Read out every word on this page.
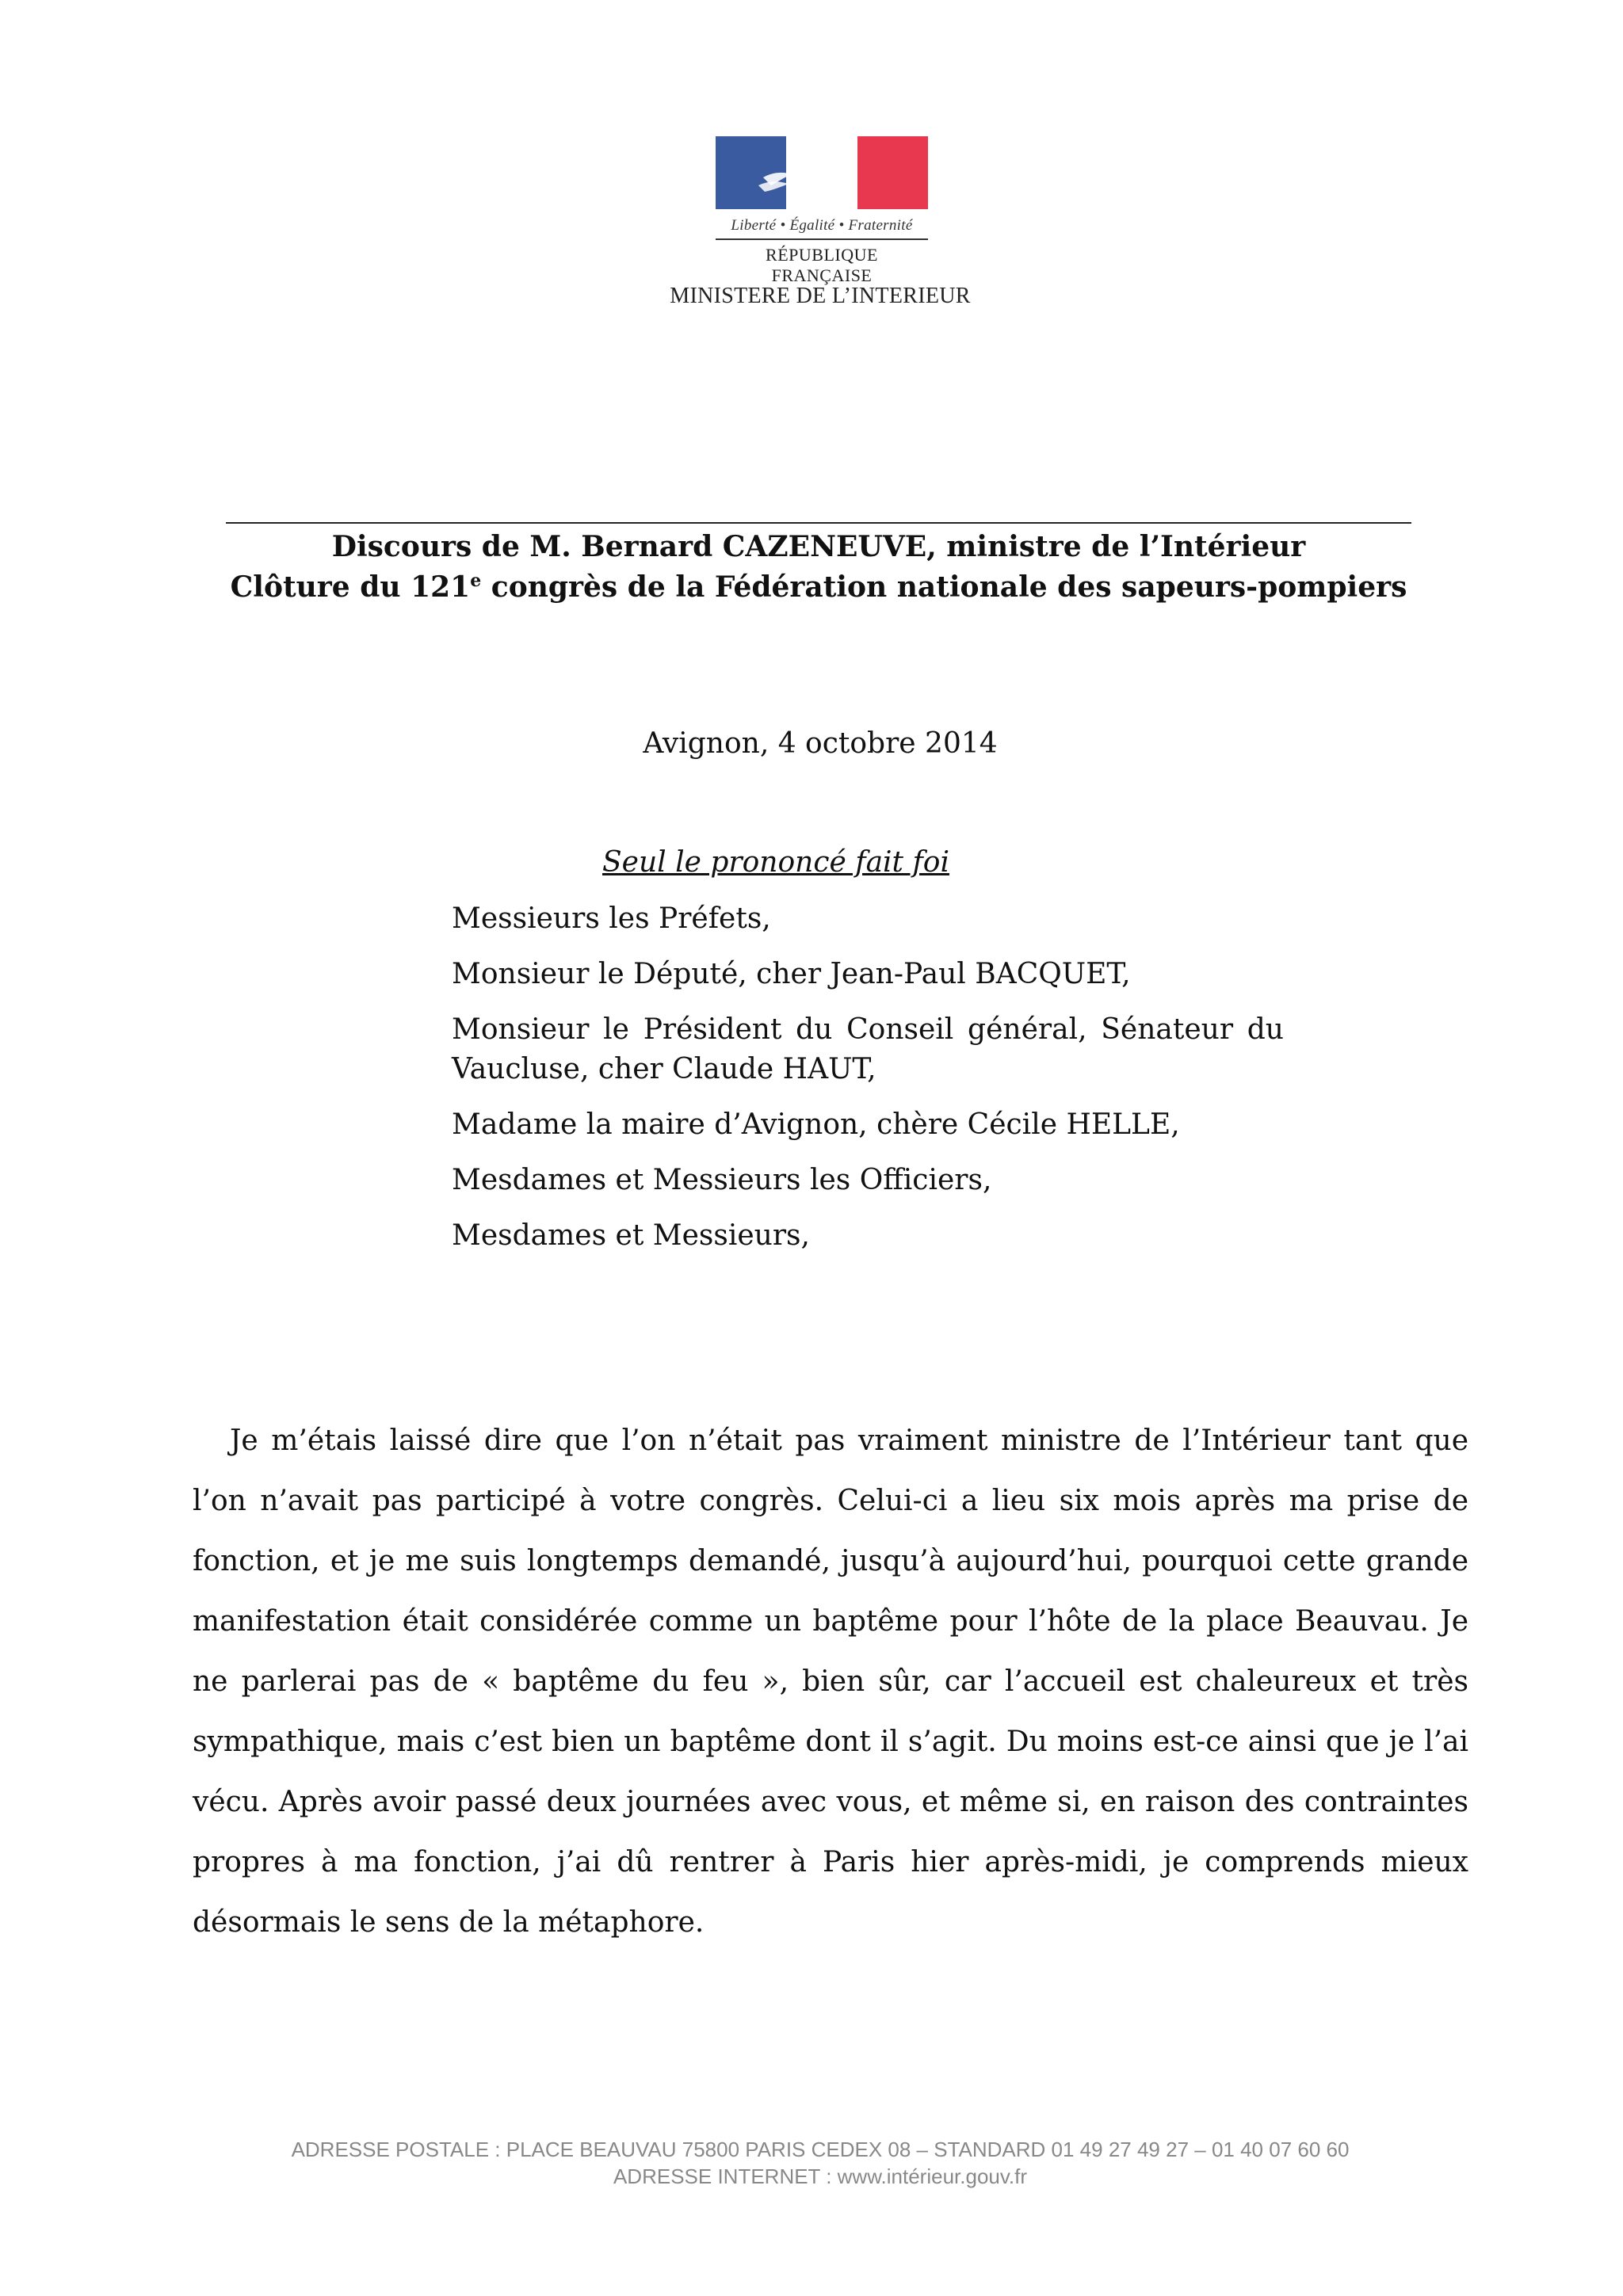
Liberté • Égalité • Fraternité
RÉPUBLIQUE FRANÇAISE
MINISTERE DE L’INTERIEUR
Discours de M. Bernard CAZENEUVE, ministre de l’Intérieur
Clôture du 121e congrès de la Fédération nationale des sapeurs-pompiers
Avignon, 4 octobre 2014
Seul le prononcé fait foi
Messieurs les Préfets,
Monsieur le Député, cher Jean-Paul BACQUET,
Monsieur le Président du Conseil général, Sénateur du Vaucluse, cher Claude HAUT,
Madame la maire d’Avignon, chère Cécile HELLE,
Mesdames et Messieurs les Officiers,
Mesdames et Messieurs,
Je m’étais laissé dire que l’on n’était pas vraiment ministre de l’Intérieur tant que l’on n’avait pas participé à votre congrès. Celui-ci a lieu six mois après ma prise de fonction, et je me suis longtemps demandé, jusqu’à aujourd’hui, pourquoi cette grande manifestation était considérée comme un baptême pour l’hôte de la place Beauvau. Je ne parlerai pas de « baptême du feu », bien sûr, car l’accueil est chaleureux et très sympathique, mais c’est bien un baptême dont il s’agit. Du moins est-ce ainsi que je l’ai vécu. Après avoir passé deux journées avec vous, et même si, en raison des contraintes propres à ma fonction, j’ai dû rentrer à Paris hier après-midi, je comprends mieux désormais le sens de la métaphore.
ADRESSE POSTALE : PLACE BEAUVAU 75800 PARIS CEDEX 08 – STANDARD 01 49 27 49 27 – 01 40 07 60 60
ADRESSE INTERNET : www.intérieur.gouv.fr
